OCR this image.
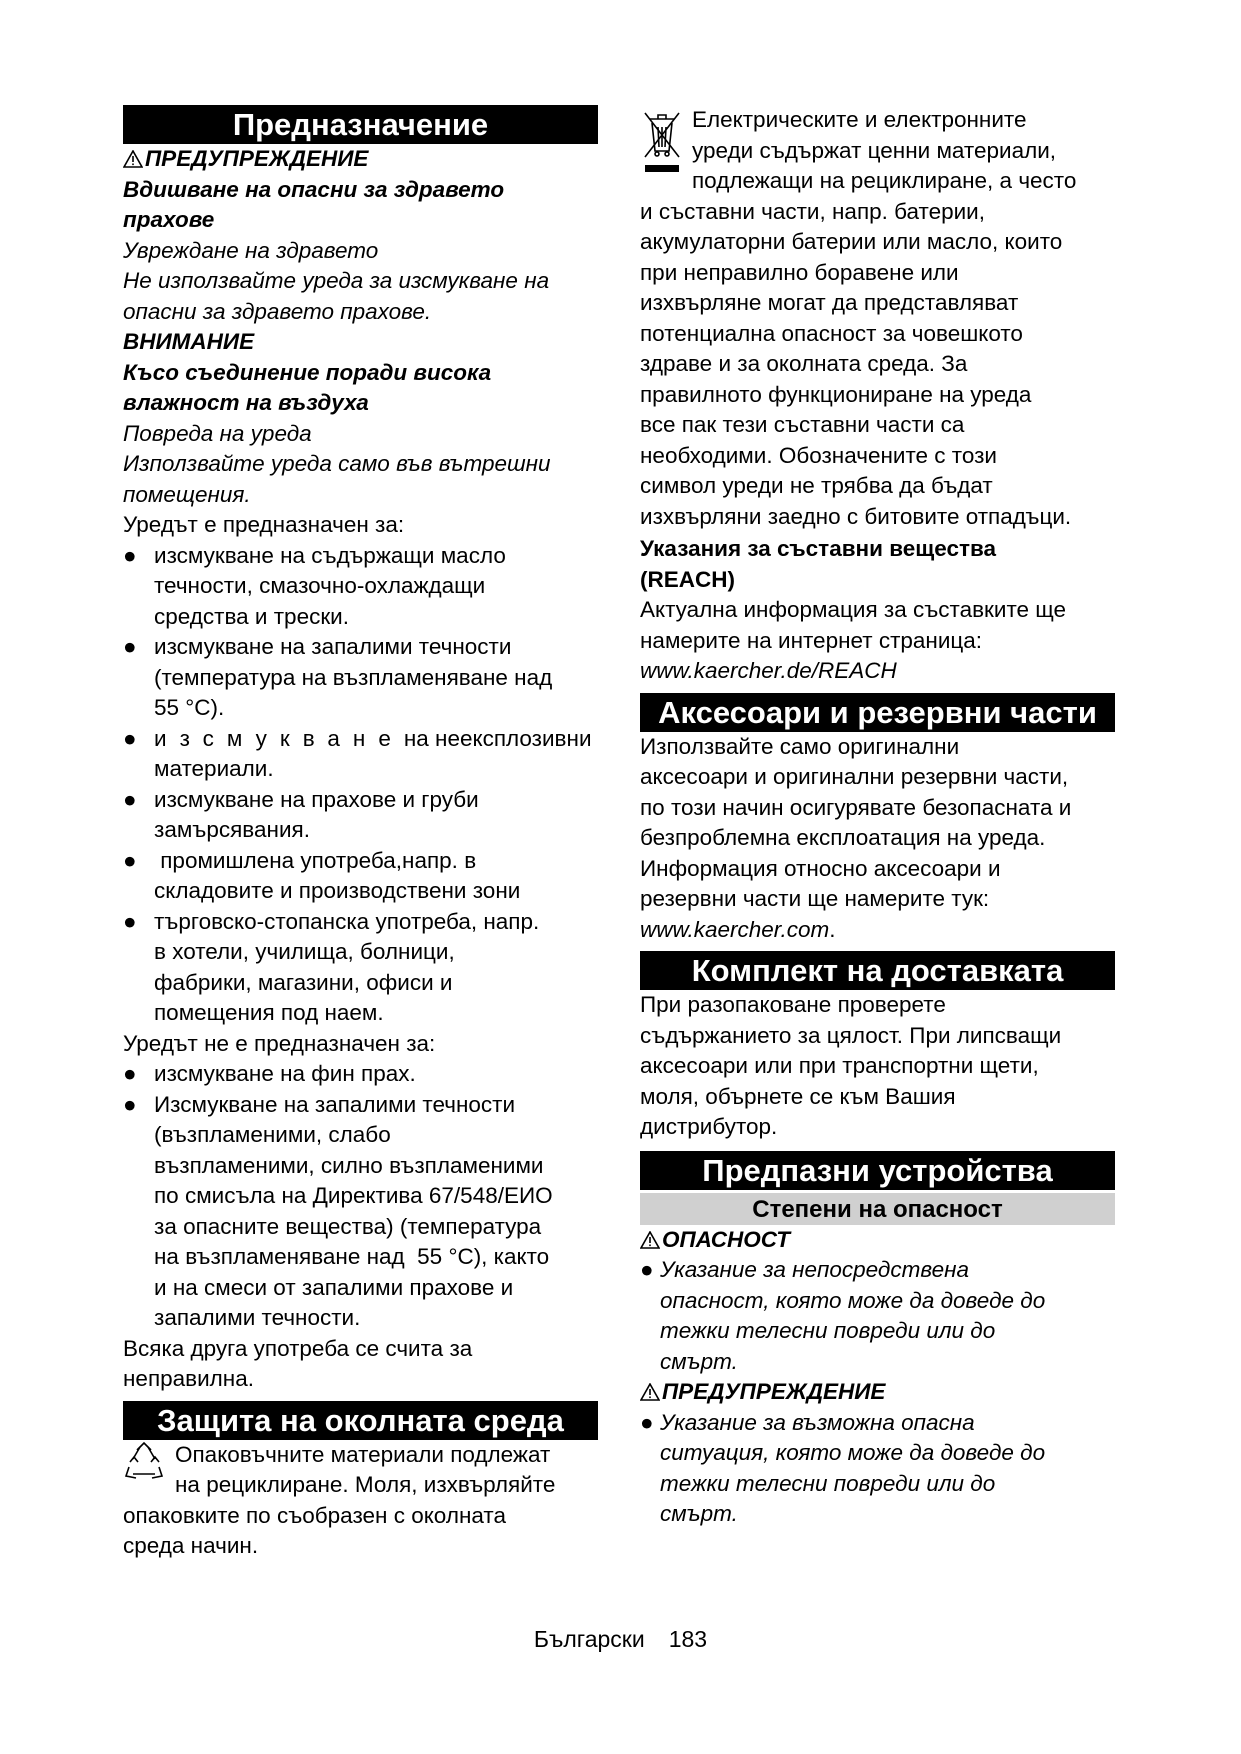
Предназначение
ПРЕДУПРЕЖДЕНИЕ
Вдишване на опасни за здравето
прахове
Увреждане на здравето
Не използвайте уреда за изсмукване на
опасни за здравето прахове.
ВНИМАНИЕ
Късо съединение поради висока
влажност на въздуха
Повреда на уреда
Използвайте уреда само във вътрешни
помещения.
Уредът е предназначен за:
● изсмукване на съдържащи масло
течности, смазочно-охлаждащи
средства и трески.
● изсмукване на запалими течности
(температура на възпламеняване над
55 °С).
● изсмукванена неексплозивни
материали.
● изсмукване на прахове и груби
замърсявания.
● промишлена употреба,напр. в
складовите и производствени зони
● търговско-стопанска употреба, напр.
в хотели, училища, болници,
фабрики, магазини, офиси и
помещения под наем.
Уредът не е предназначен за:
● изсмукване на фин прах.
● Изсмукване на запалими течности
(възпламеними, слабо
възпламеними, силно възпламеними
по смисъла на Директива 67/548/ЕИО
за опасните вещества) (температура
на възпламеняване над  55 °С), както
и на смеси от запалими прахове и
запалими течности.
Всяка друга употреба се счита за
неправилна.
Защита на околната среда
Опаковъчните материали подлежат
на рециклиране. Моля, изхвърляйте
опаковките по съобразен с околната
среда начин.
Електрическите и електронните
уреди съдържат ценни материали,
подлежащи на рециклиране, а често
и съставни части, напр. батерии,
акумулаторни батерии или масло, които
при неправилно боравене или
изхвърляне могат да представляват
потенциална опасност за човешкото
здраве и за околната среда. За
правилното функциониране на уреда
все пак тези съставни части са
необходими. Обозначените с този
символ уреди не трябва да бъдат
изхвърляни заедно с битовите отпадъци.
Указания за съставни вещества
(REACH)
Актуална информация за съставките ще
намерите на интернет страница:
www.kaercher.de/REACH
Аксесоари и резервни части
Използвайте само оригинални
аксесоари и оригинални резервни части,
по този начин осигурявате безопасната и
безпроблемна експлоатация на уреда.
Информация относно аксесоари и
резервни части ще намерите тук:
www.kaercher.com.
Комплект на доставката
При разопаковане проверете
съдържанието за цялост. При липсващи
аксесоари или при транспортни щети,
моля, обърнете се към Вашия
дистрибутор.
Предпазни устройства
Степени на опасност
ОПАСНОСТ
● Указание за непосредствена
опасност, която може да доведе до
тежки телесни повреди или до
смърт.
ПРЕДУПРЕЖДЕНИЕ
● Указание за възможна опасна
ситуация, която може да доведе до
тежки телесни повреди или до
смърт.
Български 183
